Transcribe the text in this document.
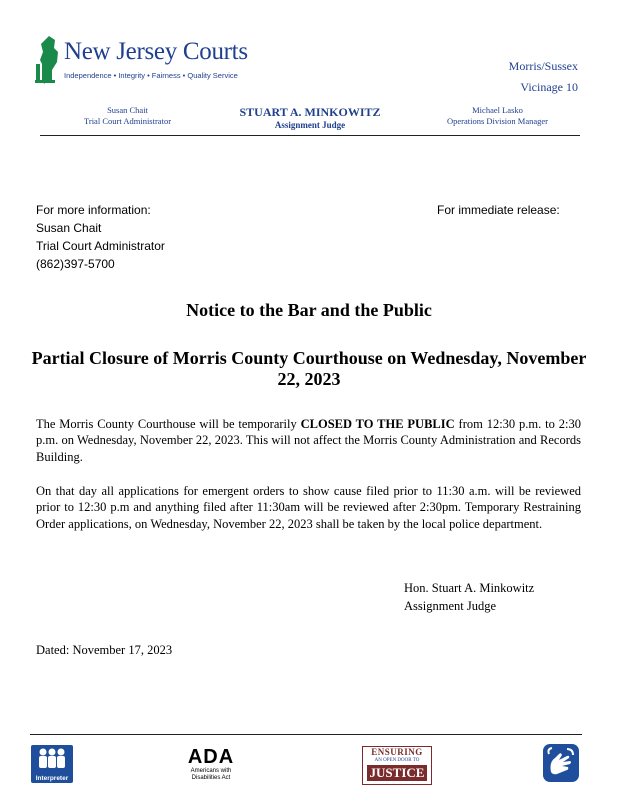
New Jersey Courts
Independence • Integrity • Fairness • Quality Service
Morris/Sussex
Vicinage 10
Susan Chait
Trial Court Administrator
STUART A. MINKOWITZ
Assignment Judge
Michael Lasko
Operations Division Manager
For more information:
Susan Chait
Trial Court Administrator
(862)397-5700
For immediate release:
Notice to the Bar and the Public
Partial Closure of Morris County Courthouse on Wednesday, November 22, 2023
The Morris County Courthouse will be temporarily CLOSED TO THE PUBLIC from 12:30 p.m. to 2:30 p.m. on Wednesday, November 22, 2023. This will not affect the Morris County Administration and Records Building.
On that day all applications for emergent orders to show cause filed prior to 11:30 a.m. will be reviewed prior to 12:30 p.m and anything filed after 11:30am will be reviewed after 2:30pm. Temporary Restraining Order applications, on Wednesday, November 22, 2023 shall be taken by the local police department.
Hon. Stuart A. Minkowitz
Assignment Judge
Dated: November 17, 2023
Interpreter
ADA
Americans with
Disabilities Act
ENSURING
AN OPEN DOOR TO
JUSTICE
